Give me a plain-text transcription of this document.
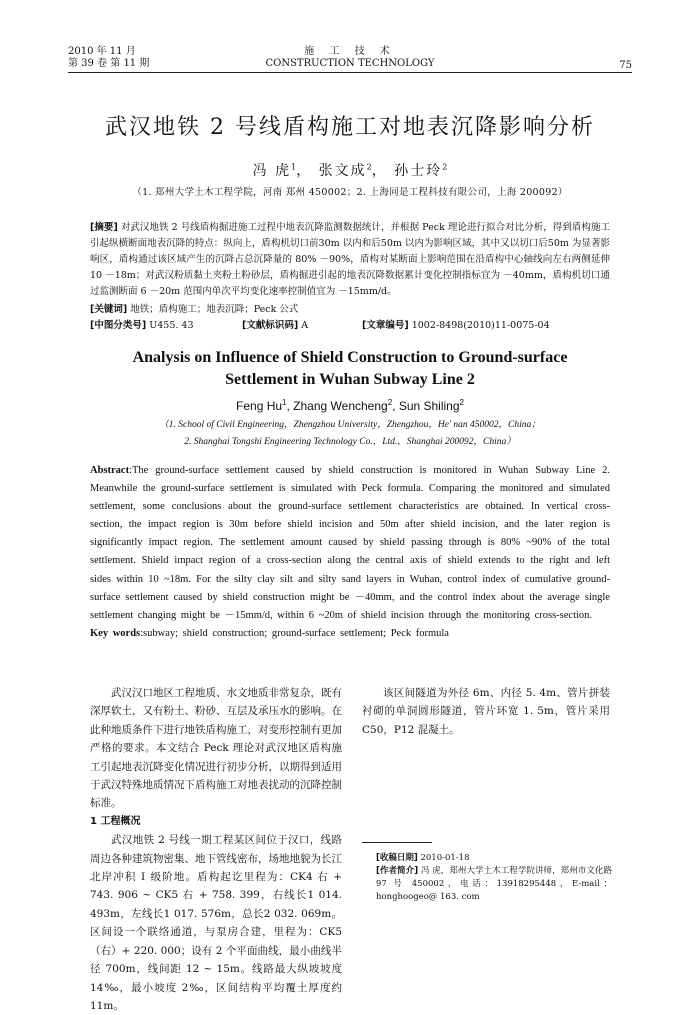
2010 年 11 月
第 39 卷 第 11 期
施 工 技 术
CONSTRUCTION TECHNOLOGY	75
武汉地铁 2 号线盾构施工对地表沉降影响分析
冯 虎$^1$， 张文成$^2$， 孙士玲$^2$
（1. 郑州大学土木工程学院，河南 郑州 450002；2. 上海同是工程科技有限公司，上海 200092）
[摘要] 对武汉地铁 2 号线盾构掘进施工过程中地表沉降监测数据统计，并根据 Peck 理论进行拟合对比分析，得到盾构施工引起纵横断面地表沉降的特点：纵向上，盾构机切口前30m 以内和后50m 以内为影响区域，其中又以切口后50m 为显著影响区，盾构通过该区域产生的沉降占总沉降量的 80% －90%，盾构对某断面上影响范围在沿盾构中心轴线向左右两侧延伸 10 －18m；对武汉粉质黏土夹粉土粉砂层，盾构掘进引起的地表沉降数据累计变化控制指标宜为 －40mm，盾构机切口通过监测断面 6 －20m 范围内单次平均变化速率控制值宜为 －15mm/d。
[关键词] 地铁；盾构施工；地表沉降；Peck 公式
[中图分类号] U455. 43	[文献标识码] A	[文章编号] 1002-8498(2010)11-0075-04
Analysis on Influence of Shield Construction to Ground-surface
Settlement in Wuhan Subway Line 2
Feng Hu$^1$, Zhang Wencheng$^2$, Sun Shiling$^2$
（1. School of Civil Engineering，Zhengzhou University，Zhengzhou，He' nan 450002，China；
2. Shanghai Tongshi Engineering Technology Co.，Ltd.，Shanghai 200092，China）
Abstract:The ground-surface settlement caused by shield construction is monitored in Wuhan Subway Line 2. Meanwhile the ground-surface settlement is simulated with Peck formula. Comparing the monitored and simulated settlement, some conclusions about the ground-surface settlement characteristics are obtained. In vertical cross-section, the impact region is 30m before shield incision and 50m after shield incision, and the later region is significantly impact region. The settlement amount caused by shield passing through is 80% ~90% of the total settlement. Shield impact region of a cross-section along the central axis of shield extends to the right and left sides within 10 ~18m. For the silty clay silt and silty sand layers in Wuhan, control index of cumulative ground-surface settlement caused by shield construction might be －40mm, and the control index about the average single settlement changing might be －15mm/d, within 6 ~20m of shield incision through the monitoring cross-section.
Key words:subway; shield construction; ground-surface settlement; Peck formula

武汉汉口地区工程地质、水文地质非常复杂，既有深厚软土，又有粉土、粉砂、互层及承压水的影响。在此种地质条件下进行地铁盾构施工，对变形控制有更加严格的要求。本文结合 Peck 理论对武汉地区盾构施工引起地表沉降变化情况进行初步分析，以期得到适用于武汉特殊地质情况下盾构施工对地表扰动的沉降控制标准。

1 工程概况

武汉地铁 2 号线一期工程某区间位于汉口，线路周边各种建筑物密集、地下管线密布，场地地貌为长江北岸冲积 Ⅰ 级阶地。盾构起讫里程为：CK4 右 + 743. 906 ~ CK5 右 + 758. 399，右线长1 014. 493m，左线长1 017. 576m，总长2 032. 069m。区间设一个联络通道，与泵房合建，里程为：CK5（右）+ 220. 000；设有 2 个平面曲线，最小曲线半径 700m，线间距 12 ~ 15m。线路最大纵坡坡度 14‰，最小坡度 2‰，区间结构平均覆土厚度约 11m。

该区间隧道为外径 6m、内径 5. 4m、管片拼装衬砌的单洞圆形隧道，管片环宽 1. 5m，管片采用 C50，P12 混凝土。

[收稿日期] 2010-01-18

[作者简介] 冯 虎，郑州大学土木工程学院讲师，郑州市文化路 97 号 450002，电话：13918295448，E-mail：honghoogeo@ 163. com
